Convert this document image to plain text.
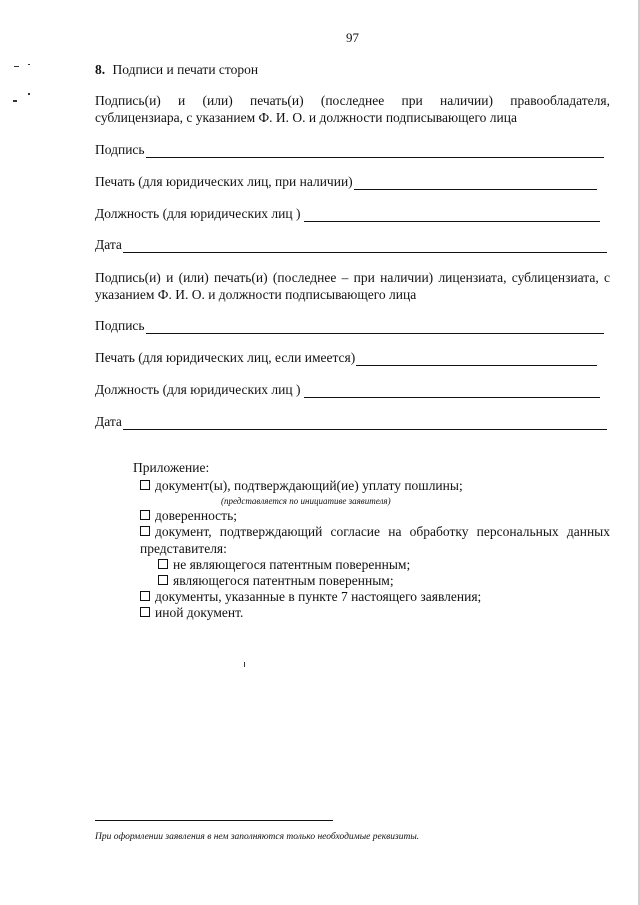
97
8. Подписи и печати сторон
Подпись(и) и (или) печать(и) (последнее при наличии) правообладателя,
сублицензиара, с указанием Ф. И. О. и должности подписывающего лица
Подпись
Печать (для юридических лиц, при наличии)
Должность (для юридических лиц )
Дата
Подпись(и) и (или) печать(и) (последнее – при наличии) лицензиата, сублицензиата, с
указанием Ф. И. О. и должности подписывающего лица
Подпись
Печать (для юридических лиц, если имеется)
Должность (для юридических лиц )
Дата
Приложение:
документ(ы), подтверждающий(ие) уплату пошлины;
(представляется по инициативе заявителя)
доверенность;
документ, подтверждающий согласие на обработку персональных данных
представителя:
не являющегося патентным поверенным;
являющегося патентным поверенным;
документы, указанные в пункте 7 настоящего заявления;
иной документ.
При оформлении заявления в нем заполняются только необходимые реквизиты.
